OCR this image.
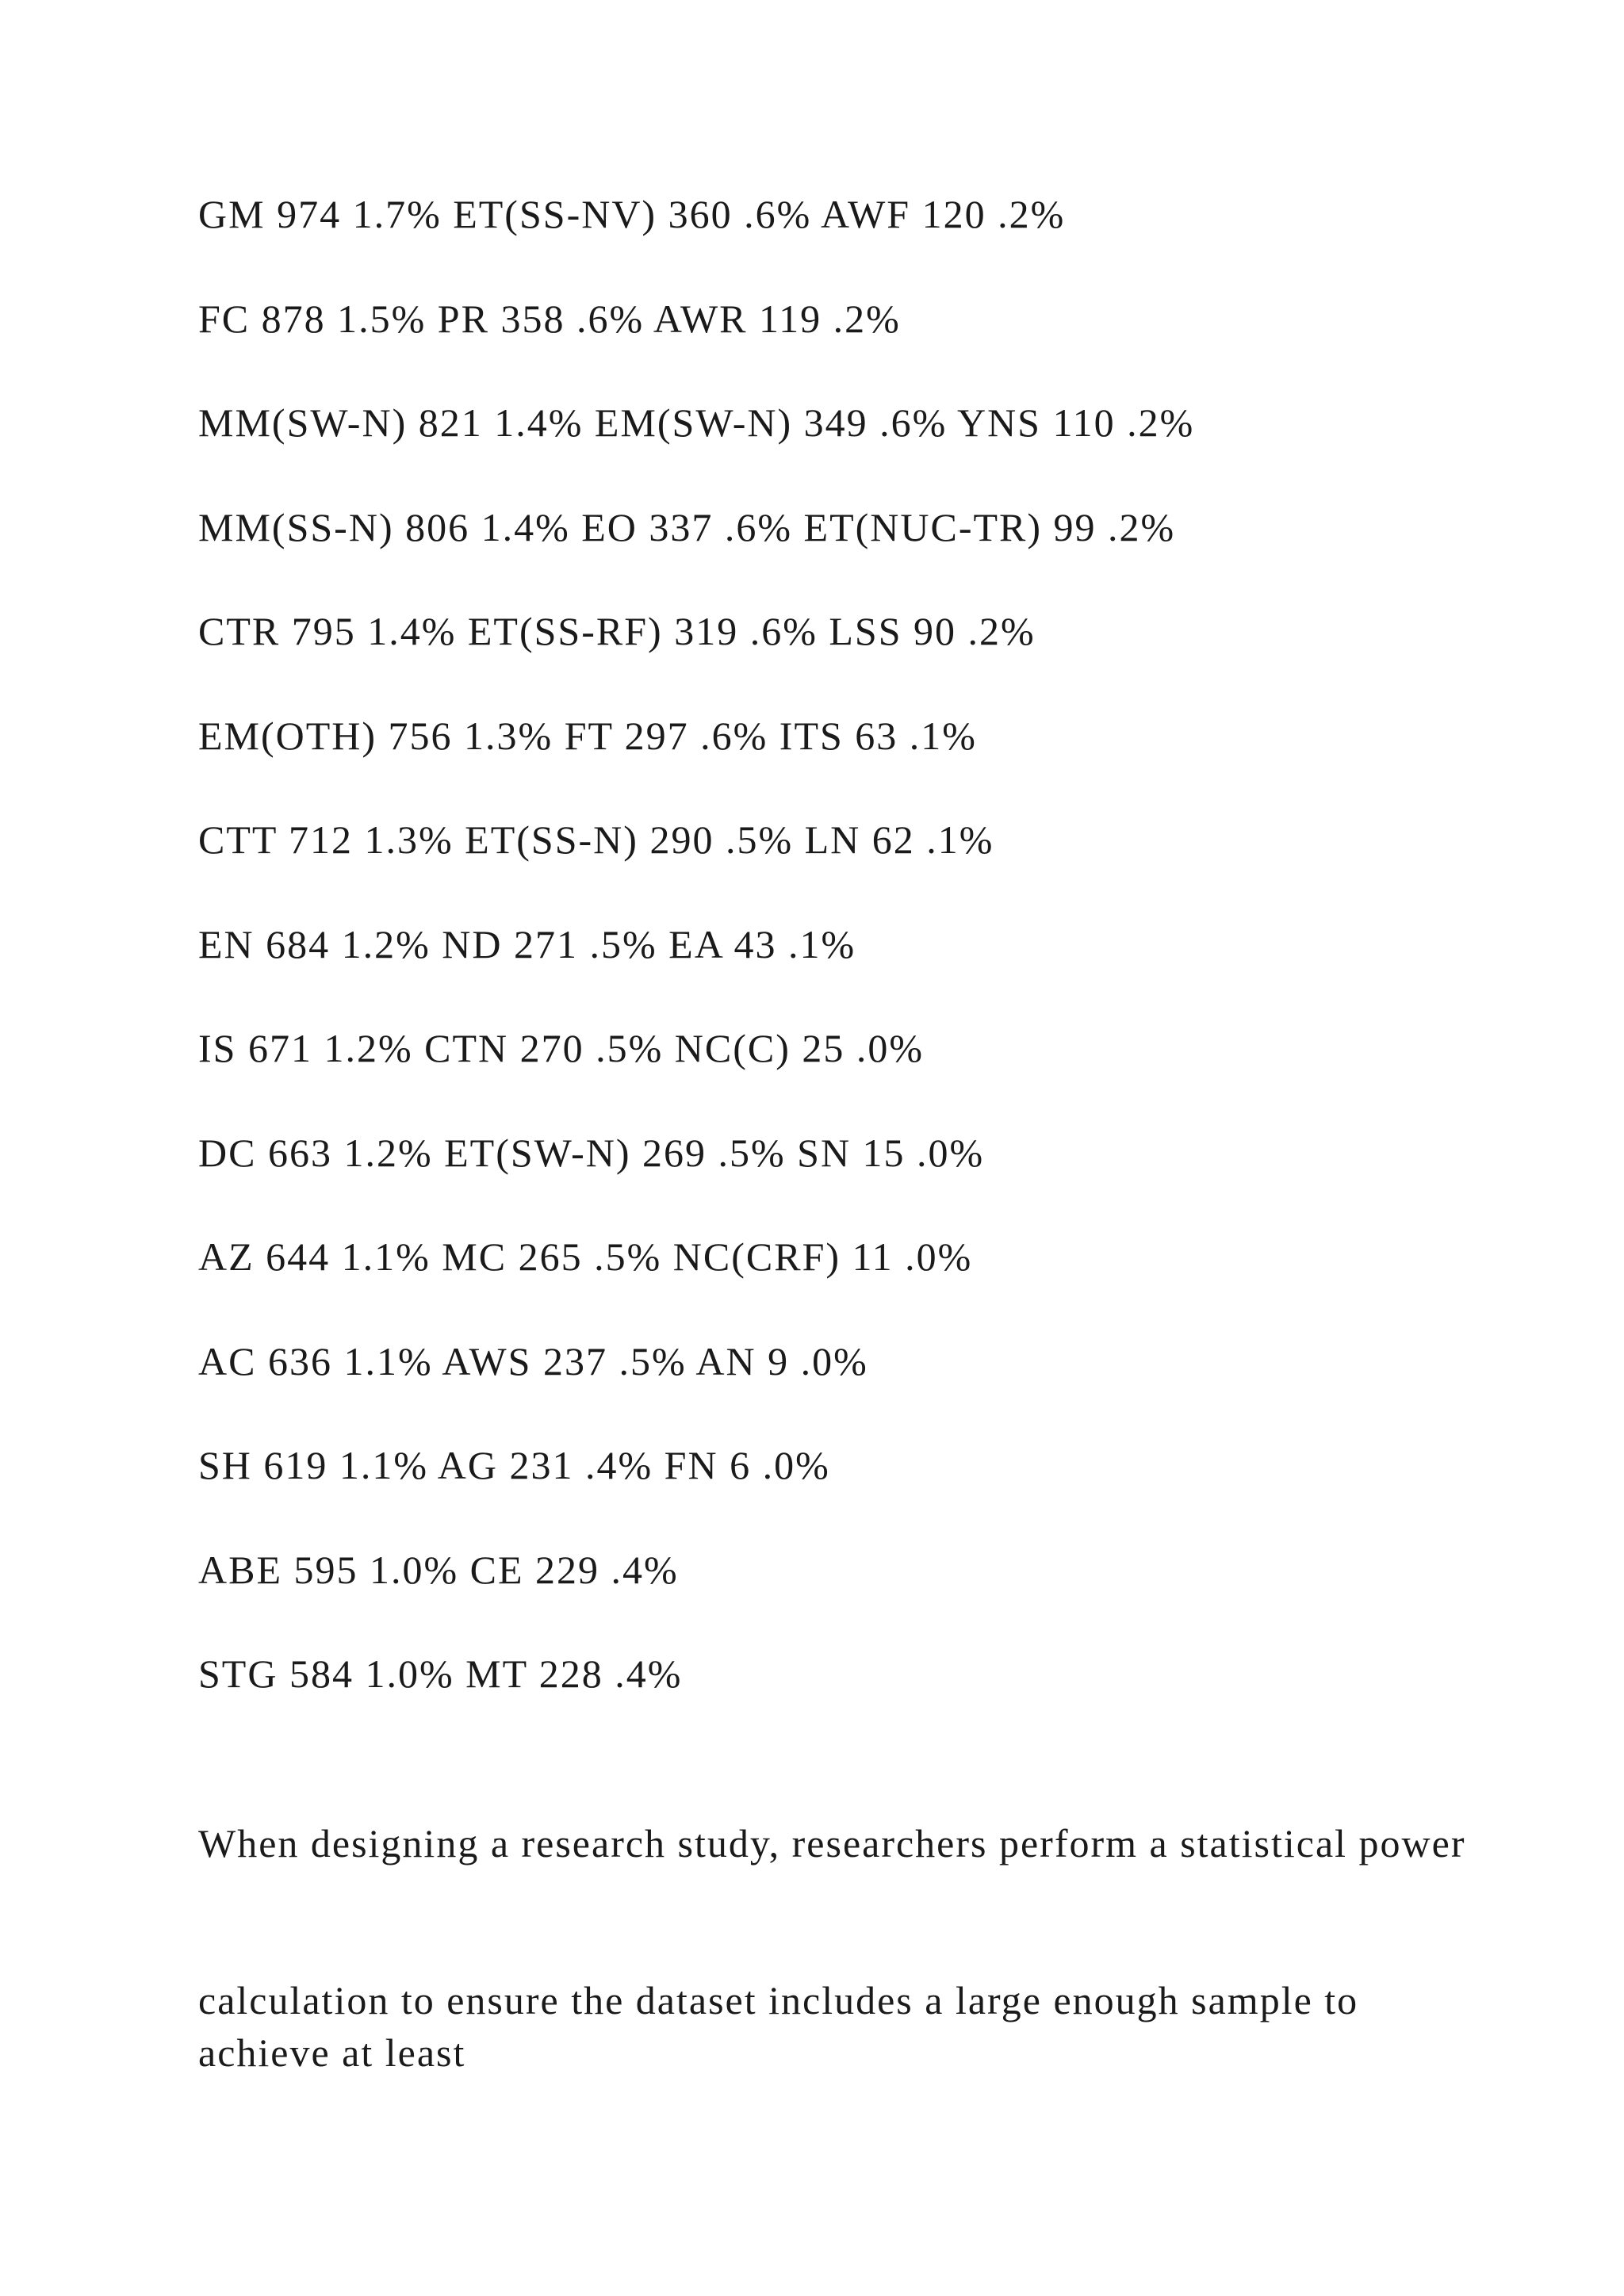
GM 974 1.7% ET(SS-NV) 360 .6% AWF 120 .2%
FC 878 1.5% PR 358 .6% AWR 119 .2%
MM(SW-N) 821 1.4% EM(SW-N) 349 .6% YNS 110 .2%
MM(SS-N) 806 1.4% EO 337 .6% ET(NUC-TR) 99 .2%
CTR 795 1.4% ET(SS-RF) 319 .6% LSS 90 .2%
EM(OTH) 756 1.3% FT 297 .6% ITS 63 .1%
CTT 712 1.3% ET(SS-N) 290 .5% LN 62 .1%
EN 684 1.2% ND 271 .5% EA 43 .1%
IS 671 1.2% CTN 270 .5% NC(C) 25 .0%
DC 663 1.2% ET(SW-N) 269 .5% SN 15 .0%
AZ 644 1.1% MC 265 .5% NC(CRF) 11 .0%
AC 636 1.1% AWS 237 .5% AN 9 .0%
SH 619 1.1% AG 231 .4% FN 6 .0%
ABE 595 1.0% CE 229 .4%
STG 584 1.0% MT 228 .4%

When designing a research study, researchers perform a statistical power

calculation to ensure the dataset includes a large enough sample to achieve at least
